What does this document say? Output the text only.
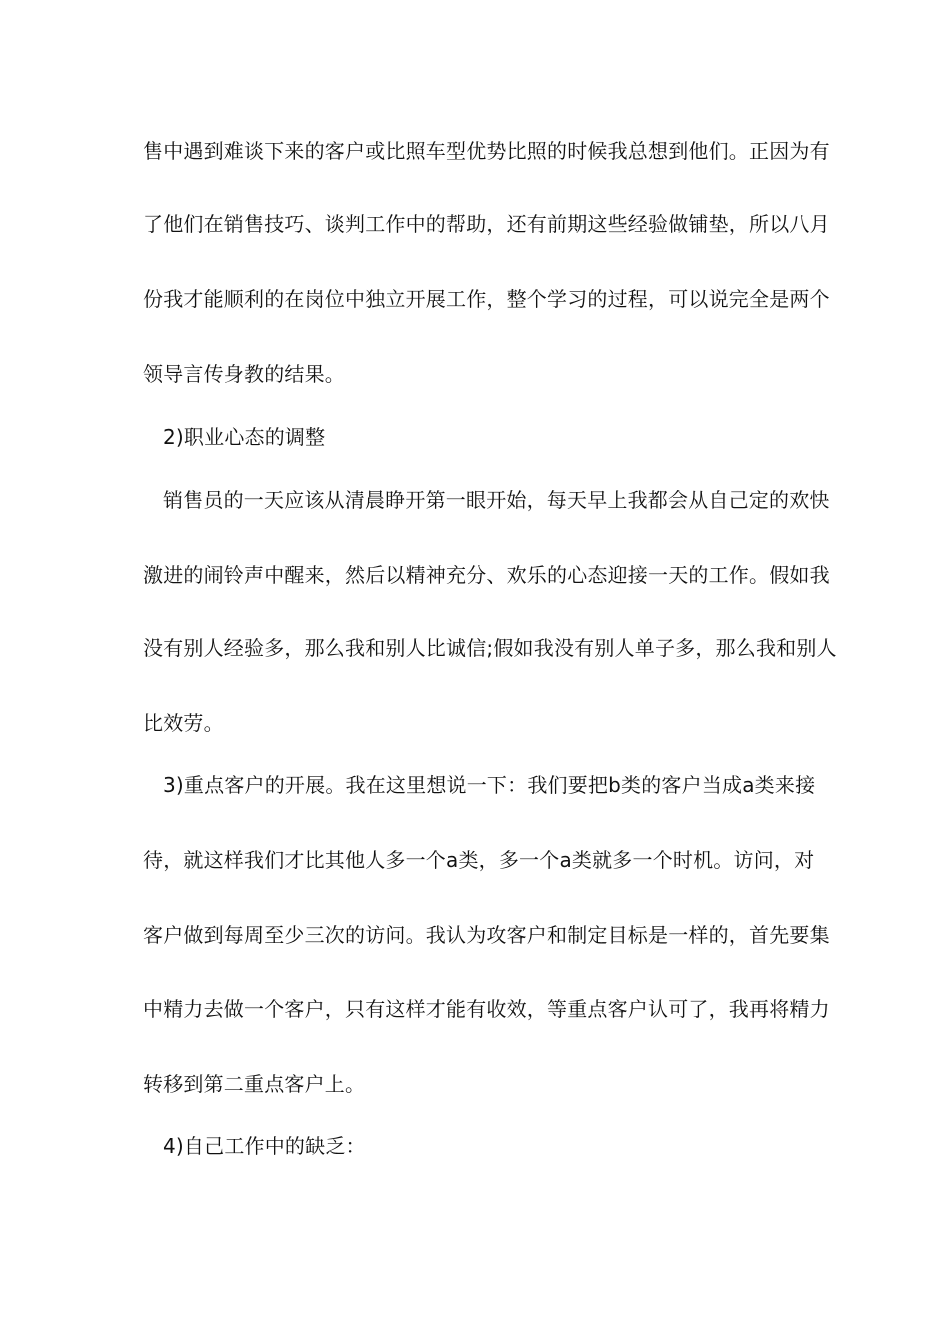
售中遇到难谈下来的客户或比照车型优势比照的时候我总想到他们。正因为有
了他们在销售技巧、谈判工作中的帮助，还有前期这些经验做铺垫，所以八月
份我才能顺利的在岗位中独立开展工作，整个学习的过程，可以说完全是两个
领导言传身教的结果。
2)职业心态的调整
销售员的一天应该从清晨睁开第一眼开始，每天早上我都会从自己定的欢快
激进的闹铃声中醒来，然后以精神充分、欢乐的心态迎接一天的工作。假如我
没有别人经验多，那么我和别人比诚信;假如我没有别人单子多，那么我和别人
比效劳。
3)重点客户的开展。我在这里想说一下：我们要把b类的客户当成a类来接
待，就这样我们才比其他人多一个a类，多一个a类就多一个时机。访问，对
客户做到每周至少三次的访问。我认为攻客户和制定目标是一样的，首先要集
中精力去做一个客户，只有这样才能有收效，等重点客户认可了，我再将精力
转移到第二重点客户上。
4)自己工作中的缺乏：
